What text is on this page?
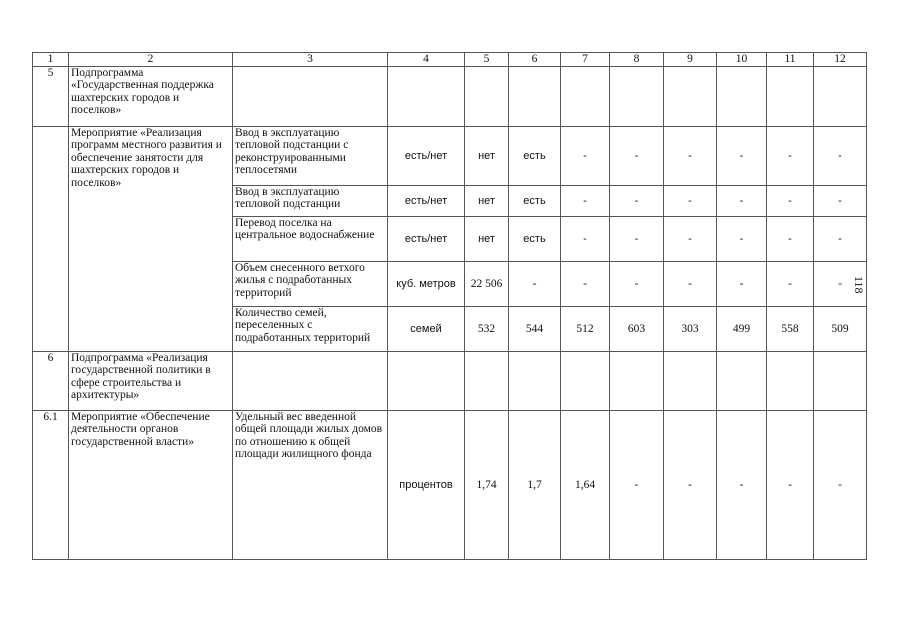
1	2	3	4	5	6	7	8	9	10	11	12
5	Подпрограмма «Государственная поддержка шахтерских городов и поселков»										
	Мероприятие «Реализация программ местного развития и обеспечение занятости для шахтерских городов и поселков»	Ввод в эксплуатацию тепловой подстанции с реконструированными теплосетями	есть/нет	нет	есть	-	-	-	-	-	-
		Ввод в эксплуатацию тепловой подстанции	есть/нет	нет	есть	-	-	-	-	-	-
		Перевод поселка на центральное водоснабжение	есть/нет	нет	есть	-	-	-	-	-	-
		Объем снесенного ветхого жилья с подработанных территорий	куб. метров	22 506	-	-	-	-	-	-	-
		Количество семей, переселенных с подработанных территорий	семей	532	544	512	603	303	499	558	509
6	Подпрограмма «Реализация государственной политики в сфере строительства и архитектуры»										
6.1	Мероприятие «Обеспечение деятельности органов государственной власти»	Удельный вес введенной общей площади жилых домов по отношению к общей площади жилищного фонда	процентов	1,74	1,7	1,64	-	-	-	-	-
118
